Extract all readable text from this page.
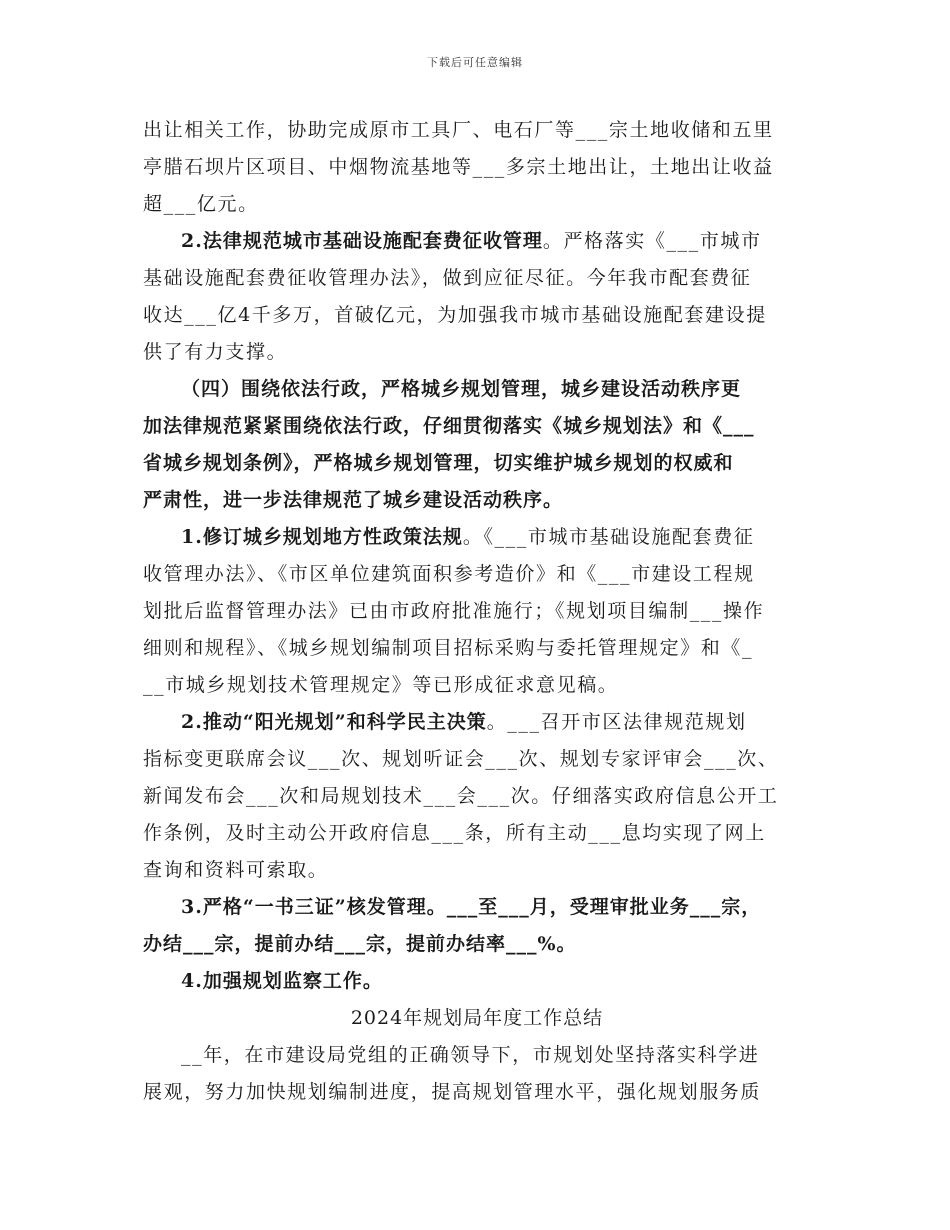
下载后可任意编辑
出让相关工作，协助完成原市工具厂、电石厂等___宗土地收储和五里
亭腊石坝片区项目、中烟物流基地等___多宗土地出让，土地出让收益
超___亿元。
2.法律规范城市基础设施配套费征收管理。严格落实《___市城市
基础设施配套费征收管理办法》，做到应征尽征。今年我市配套费征
收达___亿4千多万，首破亿元，为加强我市城市基础设施配套建设提
供了有力支撑。
（四）围绕依法行政，严格城乡规划管理，城乡建设活动秩序更
加法律规范紧紧围绕依法行政，仔细贯彻落实《城乡规划法》和《___
省城乡规划条例》，严格城乡规划管理，切实维护城乡规划的权威和
严肃性，进一步法律规范了城乡建设活动秩序。
1.修订城乡规划地方性政策法规。《___市城市基础设施配套费征
收管理办法》、《市区单位建筑面积参考造价》和《___市建设工程规
划批后监督管理办法》已由市政府批准施行；《规划项目编制___操作
细则和规程》、《城乡规划编制项目招标采购与委托管理规定》和《_
__市城乡规划技术管理规定》等已形成征求意见稿。
2.推动“阳光规划”和科学民主决策。___召开市区法律规范规划
指标变更联席会议___次、规划听证会___次、规划专家评审会___次、
新闻发布会___次和局规划技术___会___次。仔细落实政府信息公开工
作条例，及时主动公开政府信息___条，所有主动___息均实现了网上
查询和资料可索取。
3.严格“一书三证”核发管理。___至___月，受理审批业务___宗，
办结___宗，提前办结___宗，提前办结率___%。
4.加强规划监察工作。
2024年规划局年度工作总结
__年，在市建设局党组的正确领导下，市规划处坚持落实科学进
展观，努力加快规划编制进度，提高规划管理水平，强化规划服务质
